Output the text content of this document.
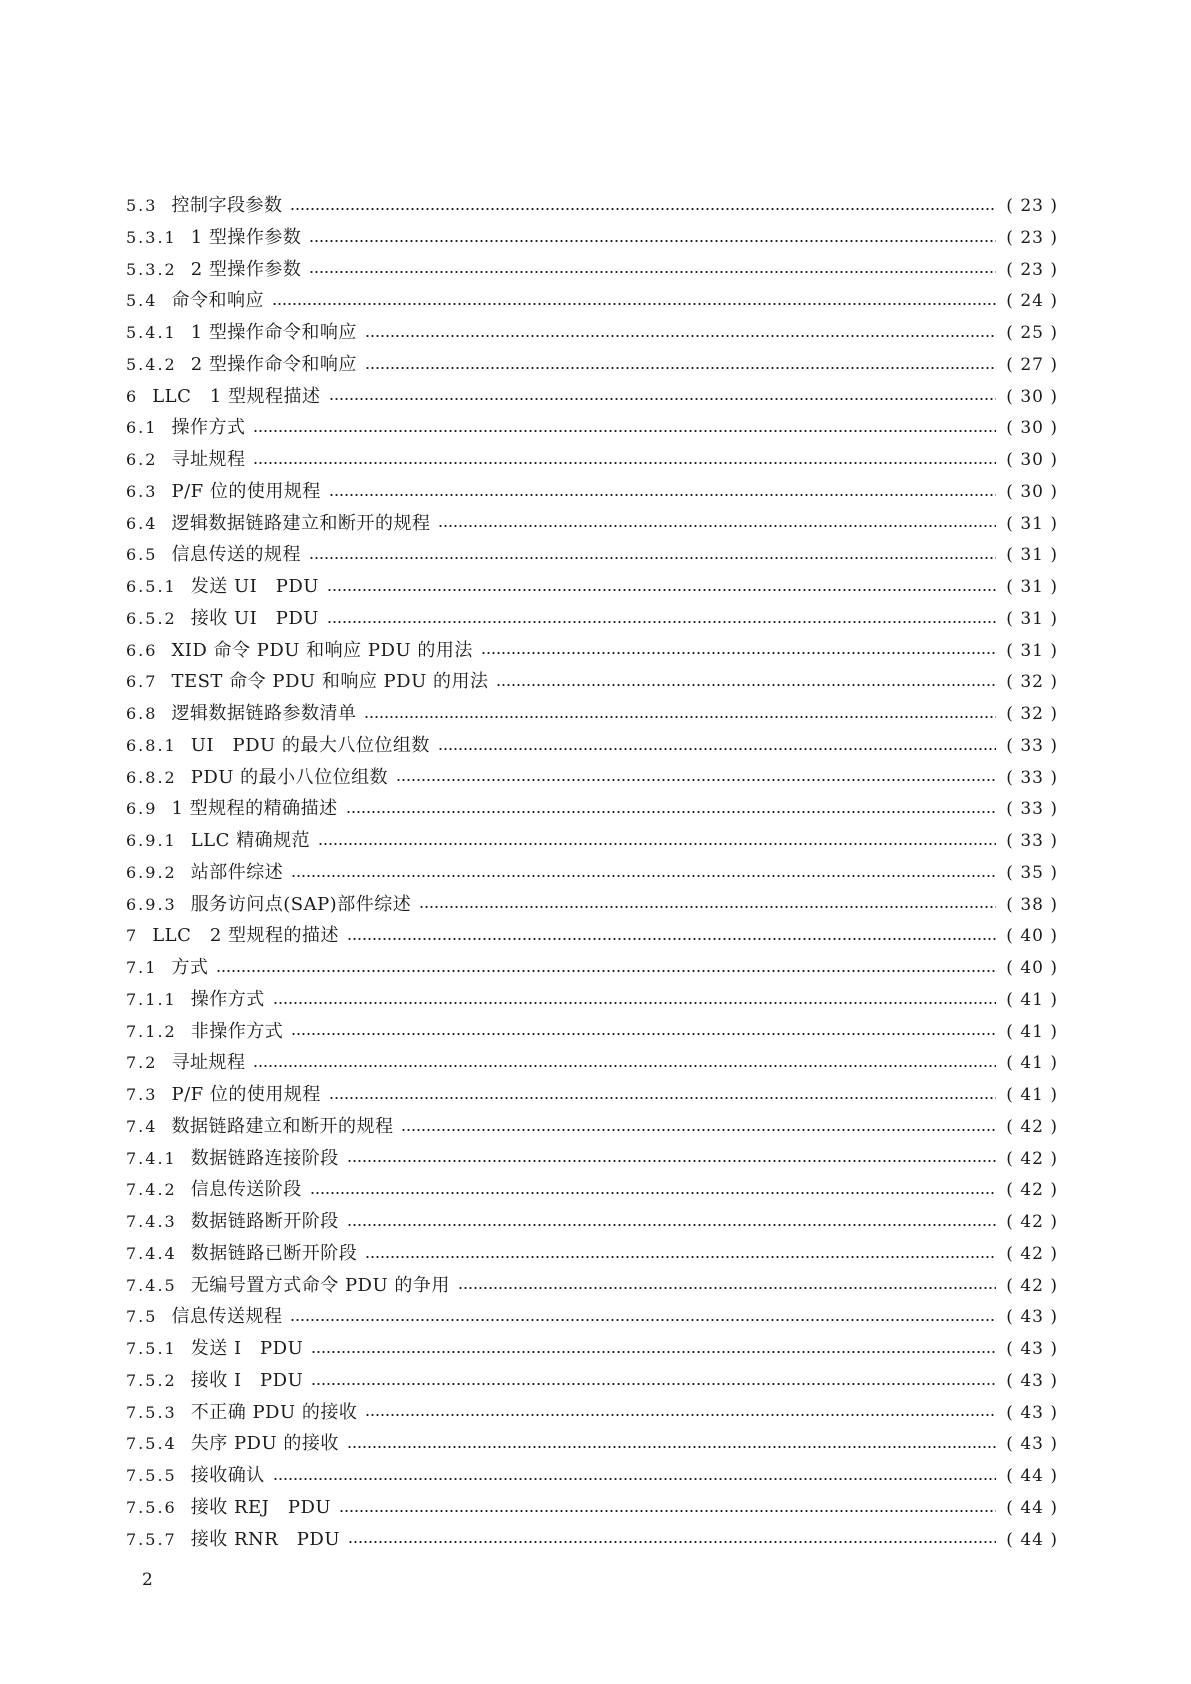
5.3 控制字段参数	( 23 )
5.3.1 1 型操作参数	( 23 )
5.3.2 2 型操作参数	( 23 )
5.4 命令和响应	( 24 )
5.4.1 1 型操作命令和响应	( 25 )
5.4.2 2 型操作命令和响应	( 27 )
6 LLC　1 型规程描述	( 30 )
6.1 操作方式	( 30 )
6.2 寻址规程	( 30 )
6.3 P/F 位的使用规程	( 30 )
6.4 逻辑数据链路建立和断开的规程	( 31 )
6.5 信息传送的规程	( 31 )
6.5.1 发送 UI　PDU	( 31 )
6.5.2 接收 UI　PDU	( 31 )
6.6 XID 命令 PDU 和响应 PDU 的用法	( 31 )
6.7 TEST 命令 PDU 和响应 PDU 的用法	( 32 )
6.8 逻辑数据链路参数清单	( 32 )
6.8.1 UI　PDU 的最大八位位组数	( 33 )
6.8.2 PDU 的最小八位位组数	( 33 )
6.9 1 型规程的精确描述	( 33 )
6.9.1 LLC 精确规范	( 33 )
6.9.2 站部件综述	( 35 )
6.9.3 服务访问点(SAP)部件综述	( 38 )
7 LLC　2 型规程的描述	( 40 )
7.1 方式	( 40 )
7.1.1 操作方式	( 41 )
7.1.2 非操作方式	( 41 )
7.2 寻址规程	( 41 )
7.3 P/F 位的使用规程	( 41 )
7.4 数据链路建立和断开的规程	( 42 )
7.4.1 数据链路连接阶段	( 42 )
7.4.2 信息传送阶段	( 42 )
7.4.3 数据链路断开阶段	( 42 )
7.4.4 数据链路已断开阶段	( 42 )
7.4.5 无编号置方式命令 PDU 的争用	( 42 )
7.5 信息传送规程	( 43 )
7.5.1 发送 I　PDU	( 43 )
7.5.2 接收 I　PDU	( 43 )
7.5.3 不正确 PDU 的接收	( 43 )
7.5.4 失序 PDU 的接收	( 43 )
7.5.5 接收确认	( 44 )
7.5.6 接收 REJ　PDU	( 44 )
7.5.7 接收 RNR　PDU	( 44 )
2
